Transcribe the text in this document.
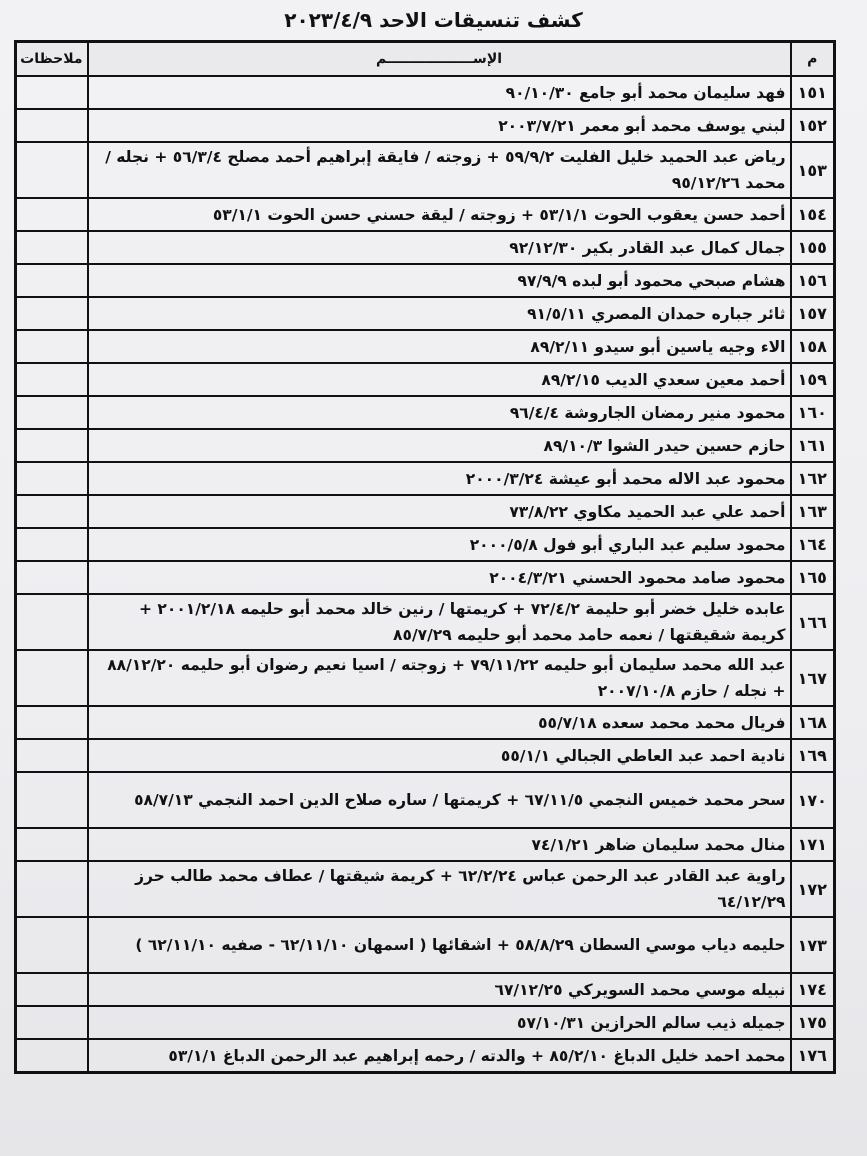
كشف تنسيقات الاحد ٢٠٢٣/٤/٩
م	الإســــــــــــــــــم	ملاحظات
١٥١	فهد سليمان محمد أبو جامع ٩٠/١٠/٣٠	
١٥٢	لبني يوسف محمد أبو معمر ٢٠٠٣/٧/٢١	
١٥٣	رياض عبد الحميد خليل الفليت ٥٩/٩/٢ + زوجته / فايقة إبراهيم أحمد مصلح ٥٦/٣/٤ + نجله / محمد ٩٥/١٢/٢٦	
١٥٤	أحمد حسن يعقوب الحوت ٥٣/١/١ + زوجته / ليقة حسني حسن الحوت ٥٣/١/١	
١٥٥	جمال كمال عبد القادر بكير ٩٢/١٢/٣٠	
١٥٦	هشام صبحي محمود أبو لبده ٩٧/٩/٩	
١٥٧	ثائر جباره حمدان المصري ٩١/٥/١١	
١٥٨	الاء وجيه ياسين أبو سيدو ٨٩/٢/١١	
١٥٩	أحمد معين سعدي الديب ٨٩/٢/١٥	
١٦٠	محمود منير رمضان الجاروشة ٩٦/٤/٤	
١٦١	حازم حسين حيدر الشوا ٨٩/١٠/٣	
١٦٢	محمود عبد الاله محمد أبو عيشة ٢٠٠٠/٣/٢٤	
١٦٣	أحمد علي عبد الحميد مكاوي ٧٣/٨/٢٢	
١٦٤	محمود سليم عبد الباري أبو فول ٢٠٠٠/٥/٨	
١٦٥	محمود صامد محمود الحسني ٢٠٠٤/٣/٢١	
١٦٦	عابده خليل خضر أبو حليمة ٧٢/٤/٢ + كريمتها / رنين خالد محمد أبو حليمه ٢٠٠١/٢/١٨ + كريمة شقيقتها / نعمه حامد محمد أبو حليمه ٨٥/٧/٢٩	
١٦٧	عبد الله محمد سليمان أبو حليمه ٧٩/١١/٢٢ + زوجته / اسيا نعيم رضوان أبو حليمه ٨٨/١٢/٢٠ + نجله / حازم ٢٠٠٧/١٠/٨	
١٦٨	فريال محمد محمد سعده ٥٥/٧/١٨	
١٦٩	نادية احمد عبد العاطي الجبالي ٥٥/١/١	
١٧٠	سحر محمد خميس النجمي ٦٧/١١/٥ + كريمتها / ساره صلاح الدين احمد النجمي ٥٨/٧/١٣	
١٧١	منال محمد سليمان ضاهر ٧٤/١/٢١	
١٧٢	راوية عبد القادر عبد الرحمن عباس ٦٢/٢/٢٤ + كريمة شيقتها / عطاف محمد طالب حرز ٦٤/١٢/٢٩	
١٧٣	حليمه دياب موسي السطان ٥٨/٨/٢٩ + اشقائها ( اسمهان ٦٢/١١/١٠ - صفيه ٦٢/١١/١٠ )	
١٧٤	نبيله موسي محمد السويركي ٦٧/١٢/٢٥	
١٧٥	جميله ذيب سالم الحرازين ٥٧/١٠/٣١	
١٧٦	محمد احمد خليل الدباغ ٨٥/٢/١٠ + والدته / رحمه إبراهيم عبد الرحمن الدباغ ٥٣/١/١	
